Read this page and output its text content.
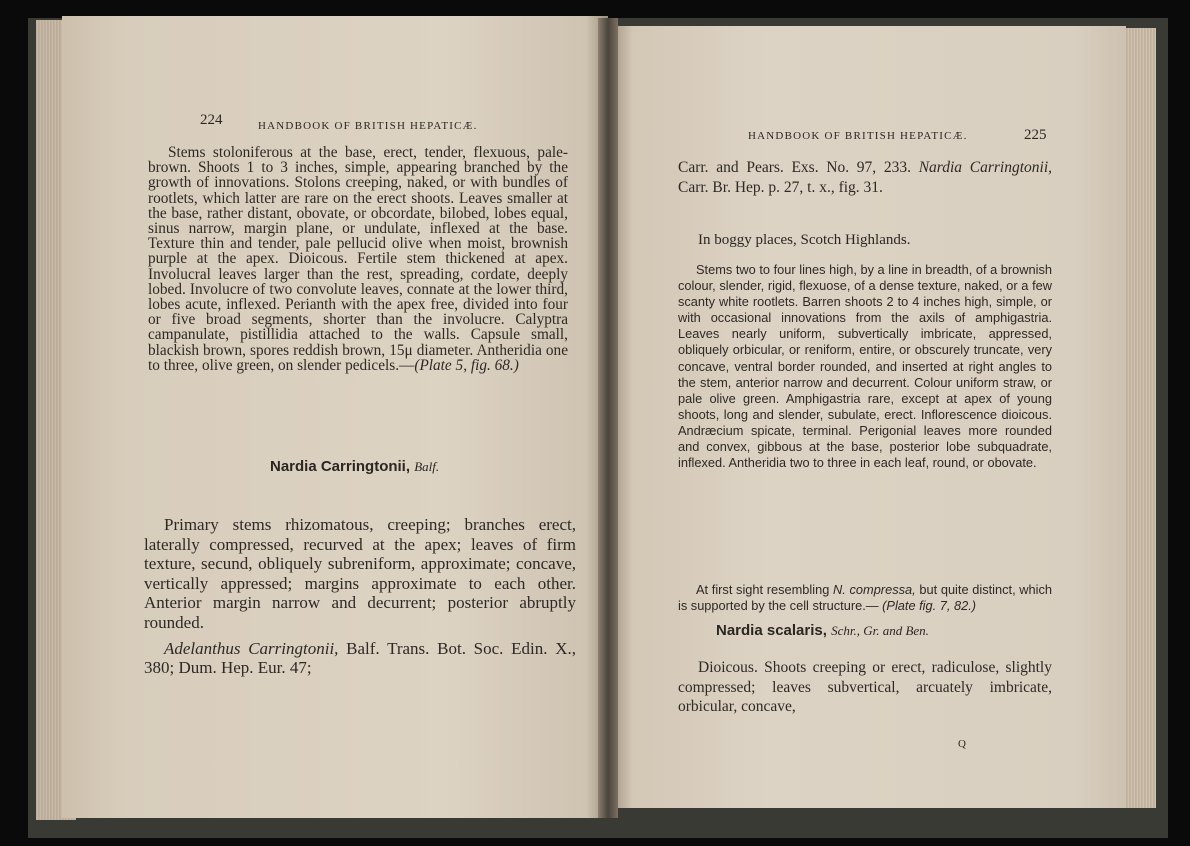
224	HANDBOOK OF BRITISH HEPATICÆ.

Stems stoloniferous at the base, erect, tender, flexuous, pale-brown. Shoots 1 to 3 inches, simple, appearing branched by the growth of innovations. Stolons creeping, naked, or with bundles of rootlets, which latter are rare on the erect shoots. Leaves smaller at the base, rather distant, obovate, or obcordate, bilobed, lobes equal, sinus narrow, margin plane, or undulate, inflexed at the base. Texture thin and tender, pale pellucid olive when moist, brownish purple at the apex. Dioicous. Fertile stem thickened at apex. Involucral leaves larger than the rest, spreading, cordate, deeply lobed. Involucre of two convolute leaves, connate at the lower third, lobes acute, inflexed. Perianth with the apex free, divided into four or five broad segments, shorter than the involucre. Calyptra campanulate, pistillidia attached to the walls. Capsule small, blackish brown, spores reddish brown, 15μ diameter. Antheridia one to three, olive green, on slender pedicels.—(Plate 5, fig. 68.)

Nardia Carringtonii, Balf.

Primary stems rhizomatous, creeping; branches erect, laterally compressed, recurved at the apex; leaves of firm texture, secund, obliquely subreniform, approximate; concave, vertically appressed; margins approximate to each other. Anterior margin narrow and decurrent; posterior abruptly rounded.

Adelanthus Carringtonii, Balf. Trans. Bot. Soc. Edin. X., 380; Dum. Hep. Eur. 47;

HANDBOOK OF BRITISH HEPATICÆ.	225

Carr. and Pears. Exs. No. 97, 233. Nardia Carringtonii, Carr. Br. Hep. p. 27, t. x., fig. 31.

In boggy places, Scotch Highlands.

Stems two to four lines high, by a line in breadth, of a brownish colour, slender, rigid, flexuose, of a dense texture, naked, or a few scanty white rootlets. Barren shoots 2 to 4 inches high, simple, or with occasional innovations from the axils of amphigastria. Leaves nearly uniform, subvertically imbricate, appressed, obliquely orbicular, or reniform, entire, or obscurely truncate, very concave, ventral border rounded, and inserted at right angles to the stem, anterior narrow and decurrent. Colour uniform straw, or pale olive green. Amphigastria rare, except at apex of young shoots, long and slender, subulate, erect. Inflorescence dioicous. Andræcium spicate, terminal. Perigonial leaves more rounded and convex, gibbous at the base, posterior lobe subquadrate, inflexed. Antheridia two to three in each leaf, round, or obovate.

At first sight resembling N. compressa, but quite distinct, which is supported by the cell structure.— (Plate fig. 7, 82.)

Nardia scalaris, Schr., Gr. and Ben.

Dioicous. Shoots creeping or erect, radiculose, slightly compressed; leaves subvertical, arcuately imbricate, orbicular, concave,

Q
